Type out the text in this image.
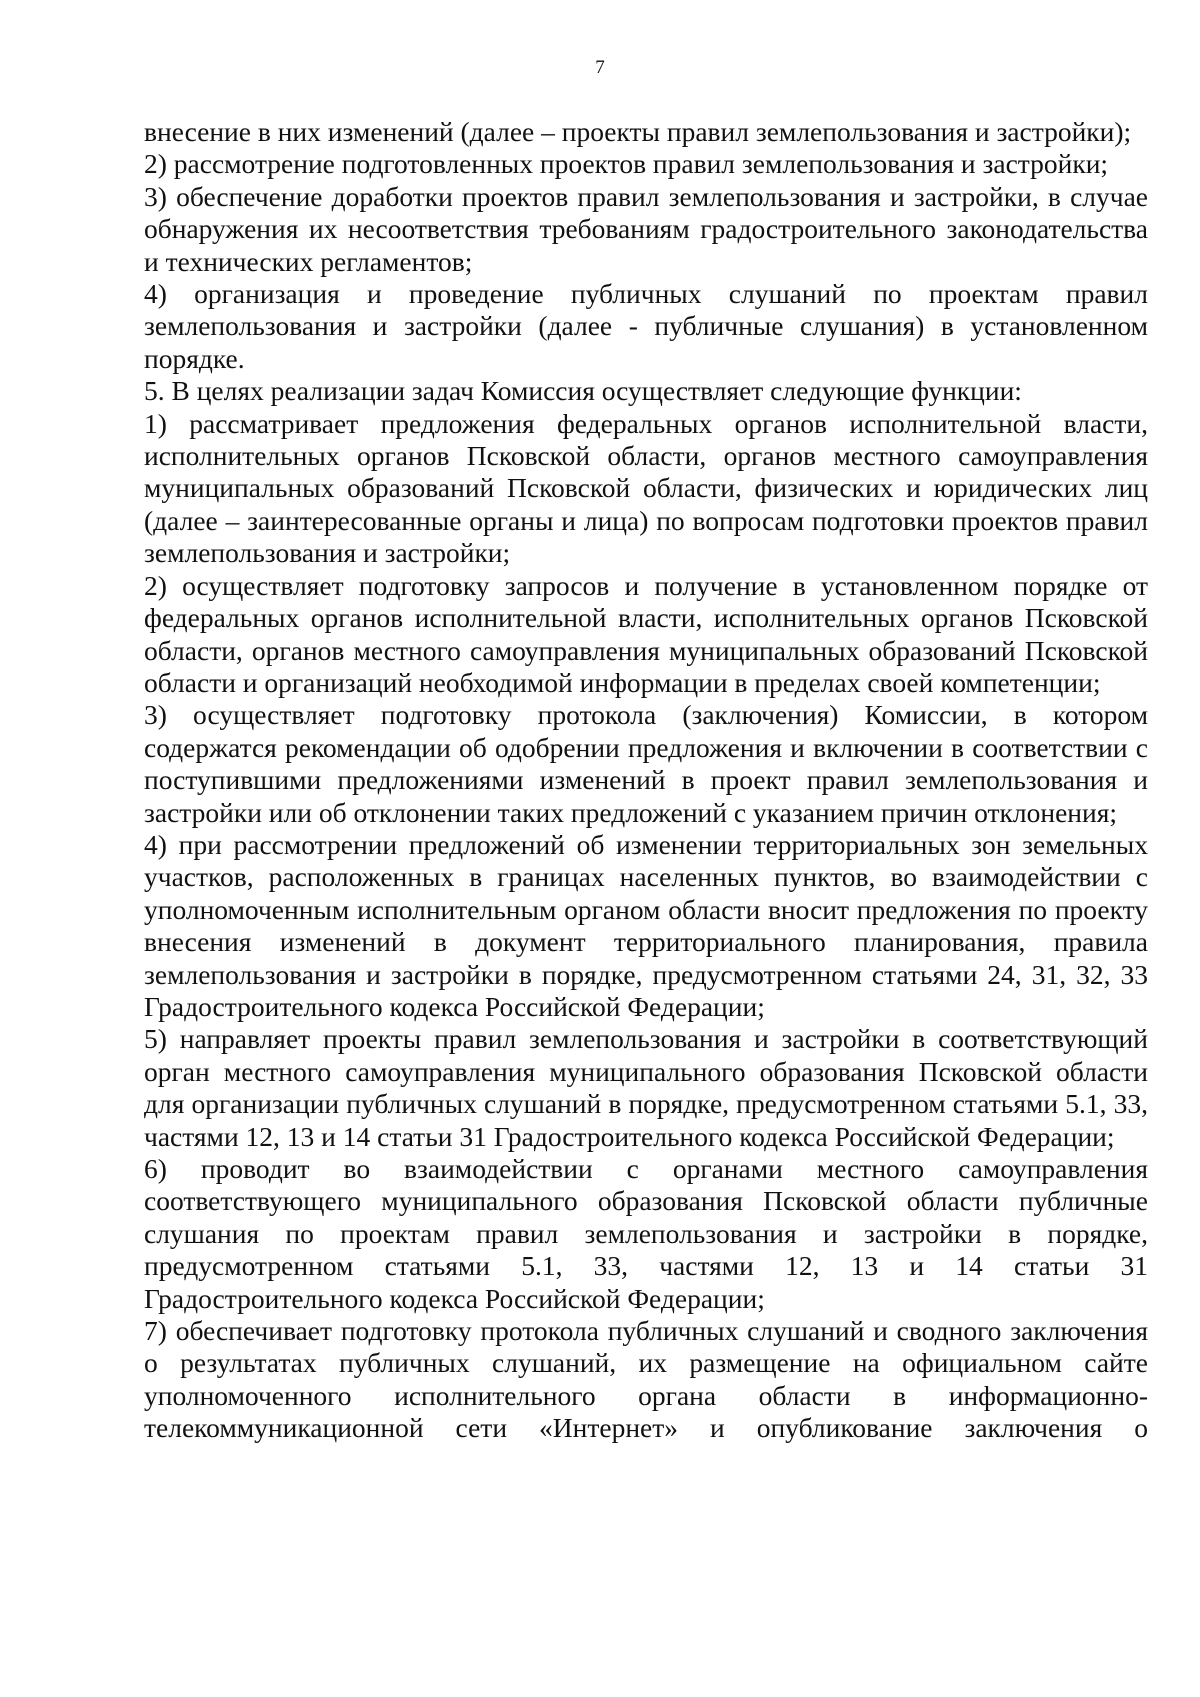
7

внесение в них изменений (далее – проекты правил землепользования и застройки);

2) рассмотрение подготовленных проектов правил землепользования и застройки;

3) обеспечение доработки проектов правил землепользования и застройки, в случае обнаружения их несоответствия требованиям градостроительного законодательства и технических регламентов;

4) организация и проведение публичных слушаний по проектам правил землепользования и застройки (далее - публичные слушания) в установленном порядке.

5. В целях реализации задач Комиссия осуществляет следующие функции:

1) рассматривает предложения федеральных органов исполнительной власти, исполнительных органов Псковской области, органов местного самоуправления муниципальных образований Псковской области, физических и юридических лиц (далее – заинтересованные органы и лица) по вопросам подготовки проектов правил землепользования и застройки;

2) осуществляет подготовку запросов и получение в установленном порядке от федеральных органов исполнительной власти, исполнительных органов Псковской области, органов местного самоуправления муниципальных образований Псковской области и организаций необходимой информации в пределах своей компетенции;

3) осуществляет подготовку протокола (заключения) Комиссии, в котором содержатся рекомендации об одобрении предложения и включении в соответствии с поступившими предложениями изменений в проект правил землепользования и застройки или об отклонении таких предложений с указанием причин отклонения;

4) при рассмотрении предложений об изменении территориальных зон земельных участков, расположенных в границах населенных пунктов, во взаимодействии с уполномоченным исполнительным органом области вносит предложения по проекту внесения изменений в документ территориального планирования, правила землепользования и застройки в порядке, предусмотренном статьями 24, 31, 32, 33 Градостроительного кодекса Российской Федерации;

5) направляет проекты правил землепользования и застройки в соответствующий орган местного самоуправления муниципального образования Псковской области для организации публичных слушаний в порядке, предусмотренном статьями 5.1, 33, частями 12, 13 и 14 статьи 31 Градостроительного кодекса Российской Федерации;

6) проводит во взаимодействии с органами местного самоуправления соответствующего муниципального образования Псковской области публичные слушания по проектам правил землепользования и застройки в порядке, предусмотренном статьями 5.1, 33, частями 12, 13 и 14 статьи 31 Градостроительного кодекса Российской Федерации;

7) обеспечивает подготовку протокола публичных слушаний и сводного заключения о результатах публичных слушаний, их размещение на официальном сайте уполномоченного исполнительного органа области в информационно-телекоммуникационной сети «Интернет» и опубликование заключения о
